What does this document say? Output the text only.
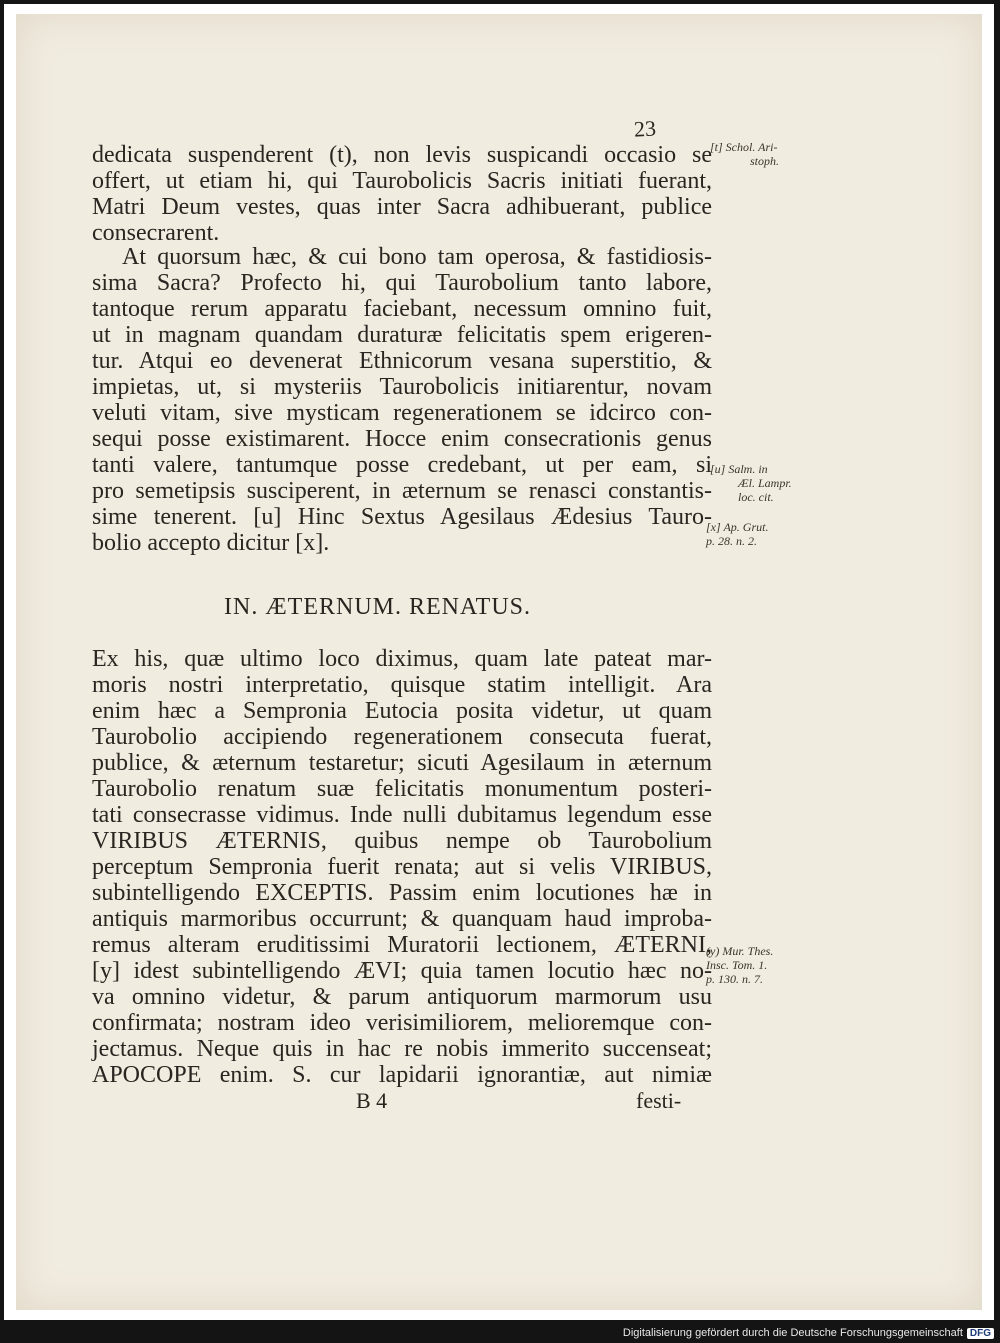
23
dedicata suspenderent (t), non levis suspicandi occasio se
offert, ut etiam hi, qui Taurobolicis Sacris initiati fuerant,
Matri Deum vestes, quas inter Sacra adhibuerant, publice
consecrarent.
At quorsum hæc, & cui bono tam operosa, & fastidiosis-
sima Sacra? Profecto hi, qui Taurobolium tanto labore,
tantoque rerum apparatu faciebant, necessum omnino fuit,
ut in magnam quandam duraturæ felicitatis spem erigeren-
tur. Atqui eo devenerat Ethnicorum vesana superstitio, &
impietas, ut, si mysteriis Taurobolicis initiarentur, novam
veluti vitam, sive mysticam regenerationem se idcirco con-
sequi posse existimarent. Hocce enim consecrationis genus
tanti valere, tantumque posse credebant, ut per eam, si
pro semetipsis susciperent, in æternum se renasci constantis-
sime tenerent. [u] Hinc Sextus Agesilaus Ædesius Tauro-
bolio accepto dicitur [x].
IN. ÆTERNUM. RENATUS.
Ex his, quæ ultimo loco diximus, quam late pateat mar-
moris nostri interpretatio, quisque statim intelligit. Ara
enim hæc a Sempronia Eutocia posita videtur, ut quam
Taurobolio accipiendo regenerationem consecuta fuerat,
publice, & æternum testaretur; sicuti Agesilaum in æternum
Taurobolio renatum suæ felicitatis monumentum posteri-
tati consecrasse vidimus. Inde nulli dubitamus legendum esse
VIRIBUS ÆTERNIS, quibus nempe ob Taurobolium
perceptum Sempronia fuerit renata; aut si velis VIRIBUS,
subintelligendo EXCEPTIS. Passim enim locutiones hæ in
antiquis marmoribus occurrunt; & quanquam haud improba-
remus alteram eruditissimi Muratorii lectionem, ÆTERNI,
[y] idest subintelligendo ÆVI; quia tamen locutio hæc no-
va omnino videtur, & parum antiquorum marmorum usu
confirmata; nostram ideo verisimiliorem, melioremque con-
jectamus. Neque quis in hac re nobis immerito succenseat;
APOCOPE enim. S. cur lapidarii ignorantiæ, aut nimiæ
B 4	festi-
[t] Schol. Ari-
stoph.
[u] Salm. in
Æl. Lampr.
loc. cit.
[x] Ap. Grut.
p. 28. n. 2.
(y) Mur. Thes.
Insc. Tom. 1.
p. 130. n. 7.
Digitalisierung gefördert durch die Deutsche Forschungsgemeinschaft DFG
